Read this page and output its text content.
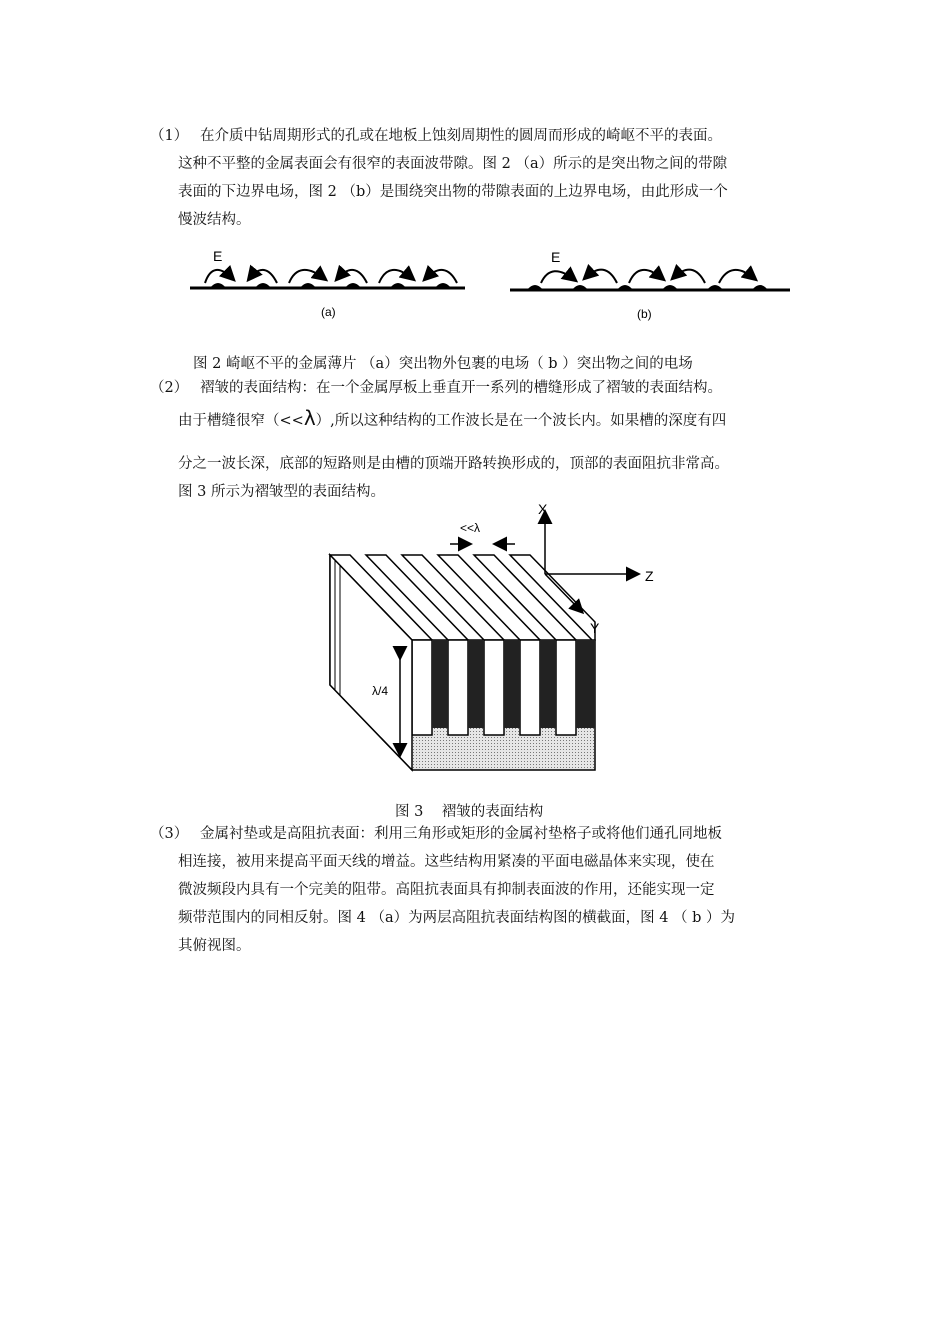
（1） 在介质中钻周期形式的孔或在地板上蚀刻周期性的圆周而形成的崎岖不平的表面。
这种不平整的金属表面会有很窄的表面波带隙。图 2 （a）所示的是突出物之间的带隙
表面的下边界电场，图 2 （b）是围绕突出物的带隙表面的上边界电场，由此形成一个
慢波结构。
E
(a)
E
(b)
图 2 崎岖不平的金属薄片 （a）突出物外包裹的电场（ b ）突出物之间的电场
（2） 褶皱的表面结构：在一个金属厚板上垂直开一系列的槽缝形成了褶皱的表面结构。
由于槽缝很窄（<<λ）,所以这种结构的工作波长是在一个波长内。如果槽的深度有四
分之一波长深，底部的短路则是由槽的顶端开路转换形成的，顶部的表面阻抗非常高。
图 3 所示为褶皱型的表面结构。
λ/4
<<λ
X
Z
Y
图 3    褶皱的表面结构
（3） 金属衬垫或是高阻抗表面：利用三角形或矩形的金属衬垫格子或将他们通孔同地板
相连接，被用来提高平面天线的增益。这些结构用紧凑的平面电磁晶体来实现，使在
微波频段内具有一个完美的阻带。高阻抗表面具有抑制表面波的作用，还能实现一定
频带范围内的同相反射。图 4 （a）为两层高阻抗表面结构图的横截面，图 4 （ b ）为
其俯视图。
